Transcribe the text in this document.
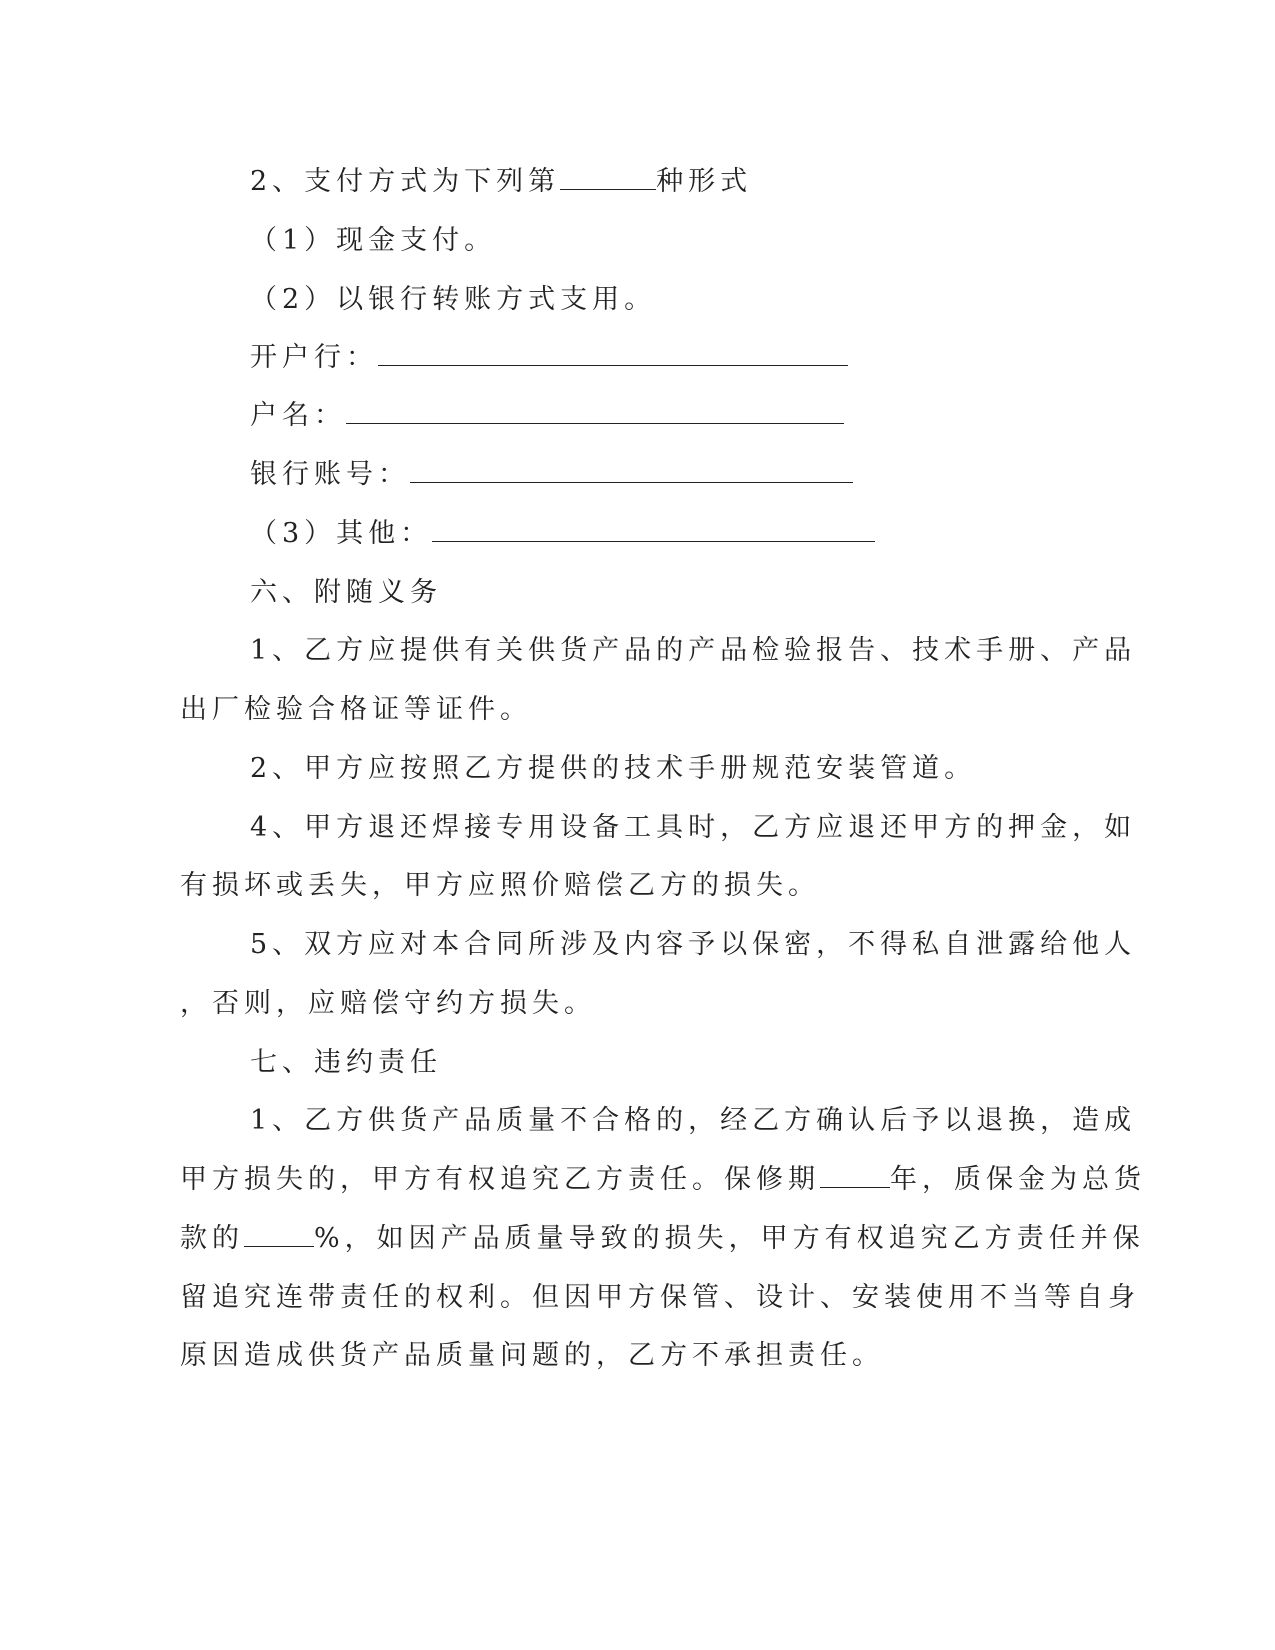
2、支付方式为下列第	种形式
（1）现金支付。
（2）以银行转账方式支用。
开户行：
户名：
银行账号：
（3）其他：
六、附随义务
1、乙方应提供有关供货产品的产品检验报告、技术手册、产品
出厂检验合格证等证件。
2、甲方应按照乙方提供的技术手册规范安装管道。
4、甲方退还焊接专用设备工具时，乙方应退还甲方的押金，如
有损坏或丢失，甲方应照价赔偿乙方的损失。
5、双方应对本合同所涉及内容予以保密，不得私自泄露给他人
，否则，应赔偿守约方损失。
七、违约责任
1、乙方供货产品质量不合格的，经乙方确认后予以退换，造成
甲方损失的，甲方有权追究乙方责任。保修期	年，质保金为总货
款的	%，如因产品质量导致的损失，甲方有权追究乙方责任并保
留追究连带责任的权利。但因甲方保管、设计、安装使用不当等自身
原因造成供货产品质量问题的，乙方不承担责任。
